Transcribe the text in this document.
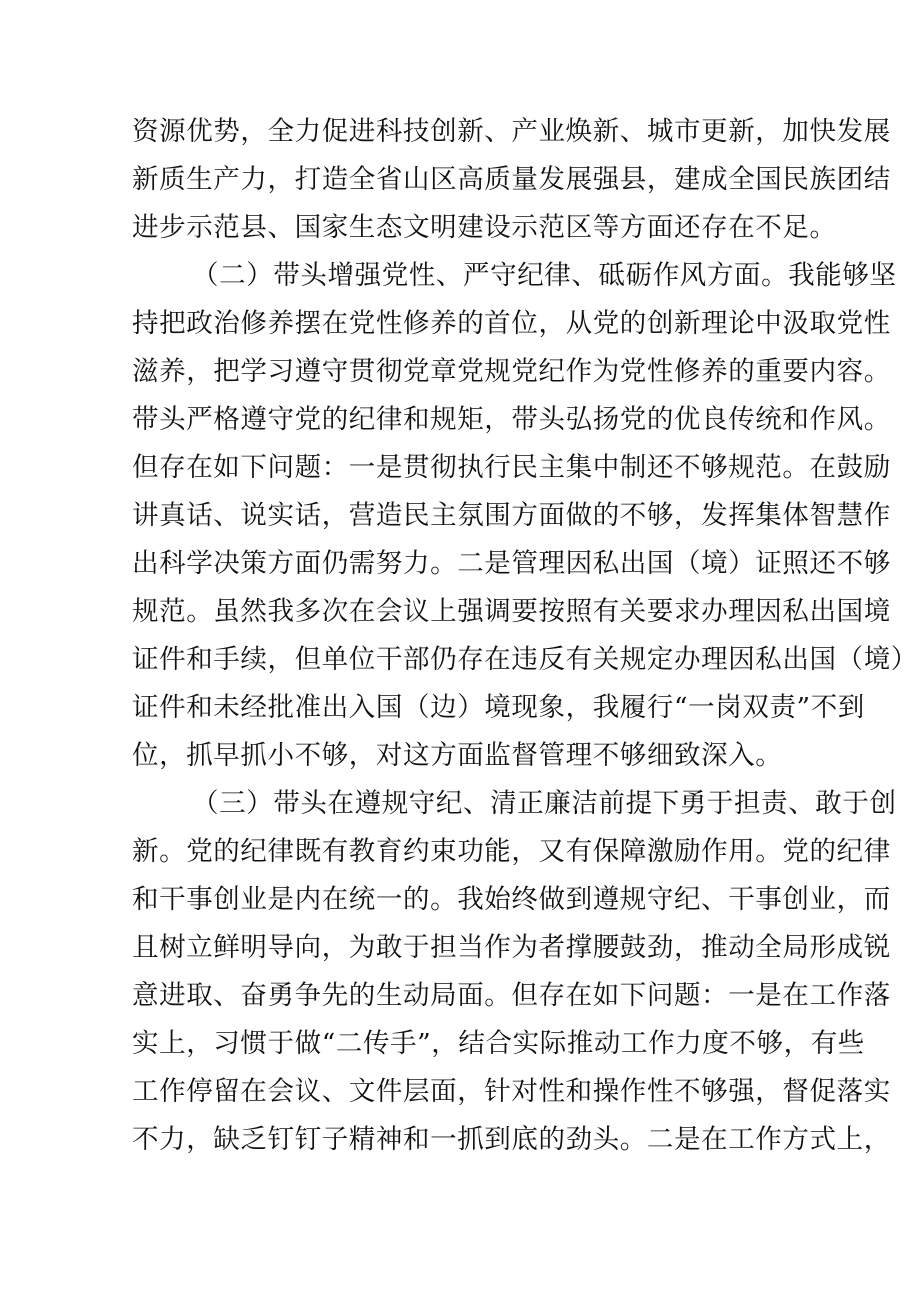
资源优势，全力促进科技创新、产业焕新、城市更新，加快发展
新质生产力，打造全省山区高质量发展强县，建成全国民族团结
进步示范县、国家生态文明建设示范区等方面还存在不足。
（二）带头增强党性、严守纪律、砥砺作风方面。我能够坚
持把政治修养摆在党性修养的首位，从党的创新理论中汲取党性
滋养，把学习遵守贯彻党章党规党纪作为党性修养的重要内容。
带头严格遵守党的纪律和规矩，带头弘扬党的优良传统和作风。
但存在如下问题：一是贯彻执行民主集中制还不够规范。在鼓励
讲真话、说实话，营造民主氛围方面做的不够，发挥集体智慧作
出科学决策方面仍需努力。二是管理因私出国（境）证照还不够
规范。虽然我多次在会议上强调要按照有关要求办理因私出国境
证件和手续，但单位干部仍存在违反有关规定办理因私出国（境）
证件和未经批准出入国（边）境现象，我履行“一岗双责”不到
位，抓早抓小不够，对这方面监督管理不够细致深入。
（三）带头在遵规守纪、清正廉洁前提下勇于担责、敢于创
新。党的纪律既有教育约束功能，又有保障激励作用。党的纪律
和干事创业是内在统一的。我始终做到遵规守纪、干事创业，而
且树立鲜明导向，为敢于担当作为者撑腰鼓劲，推动全局形成锐
意进取、奋勇争先的生动局面。但存在如下问题：一是在工作落
实上，习惯于做“二传手”，结合实际推动工作力度不够，有些
工作停留在会议、文件层面，针对性和操作性不够强，督促落实
不力，缺乏钉钉子精神和一抓到底的劲头。二是在工作方式上，
